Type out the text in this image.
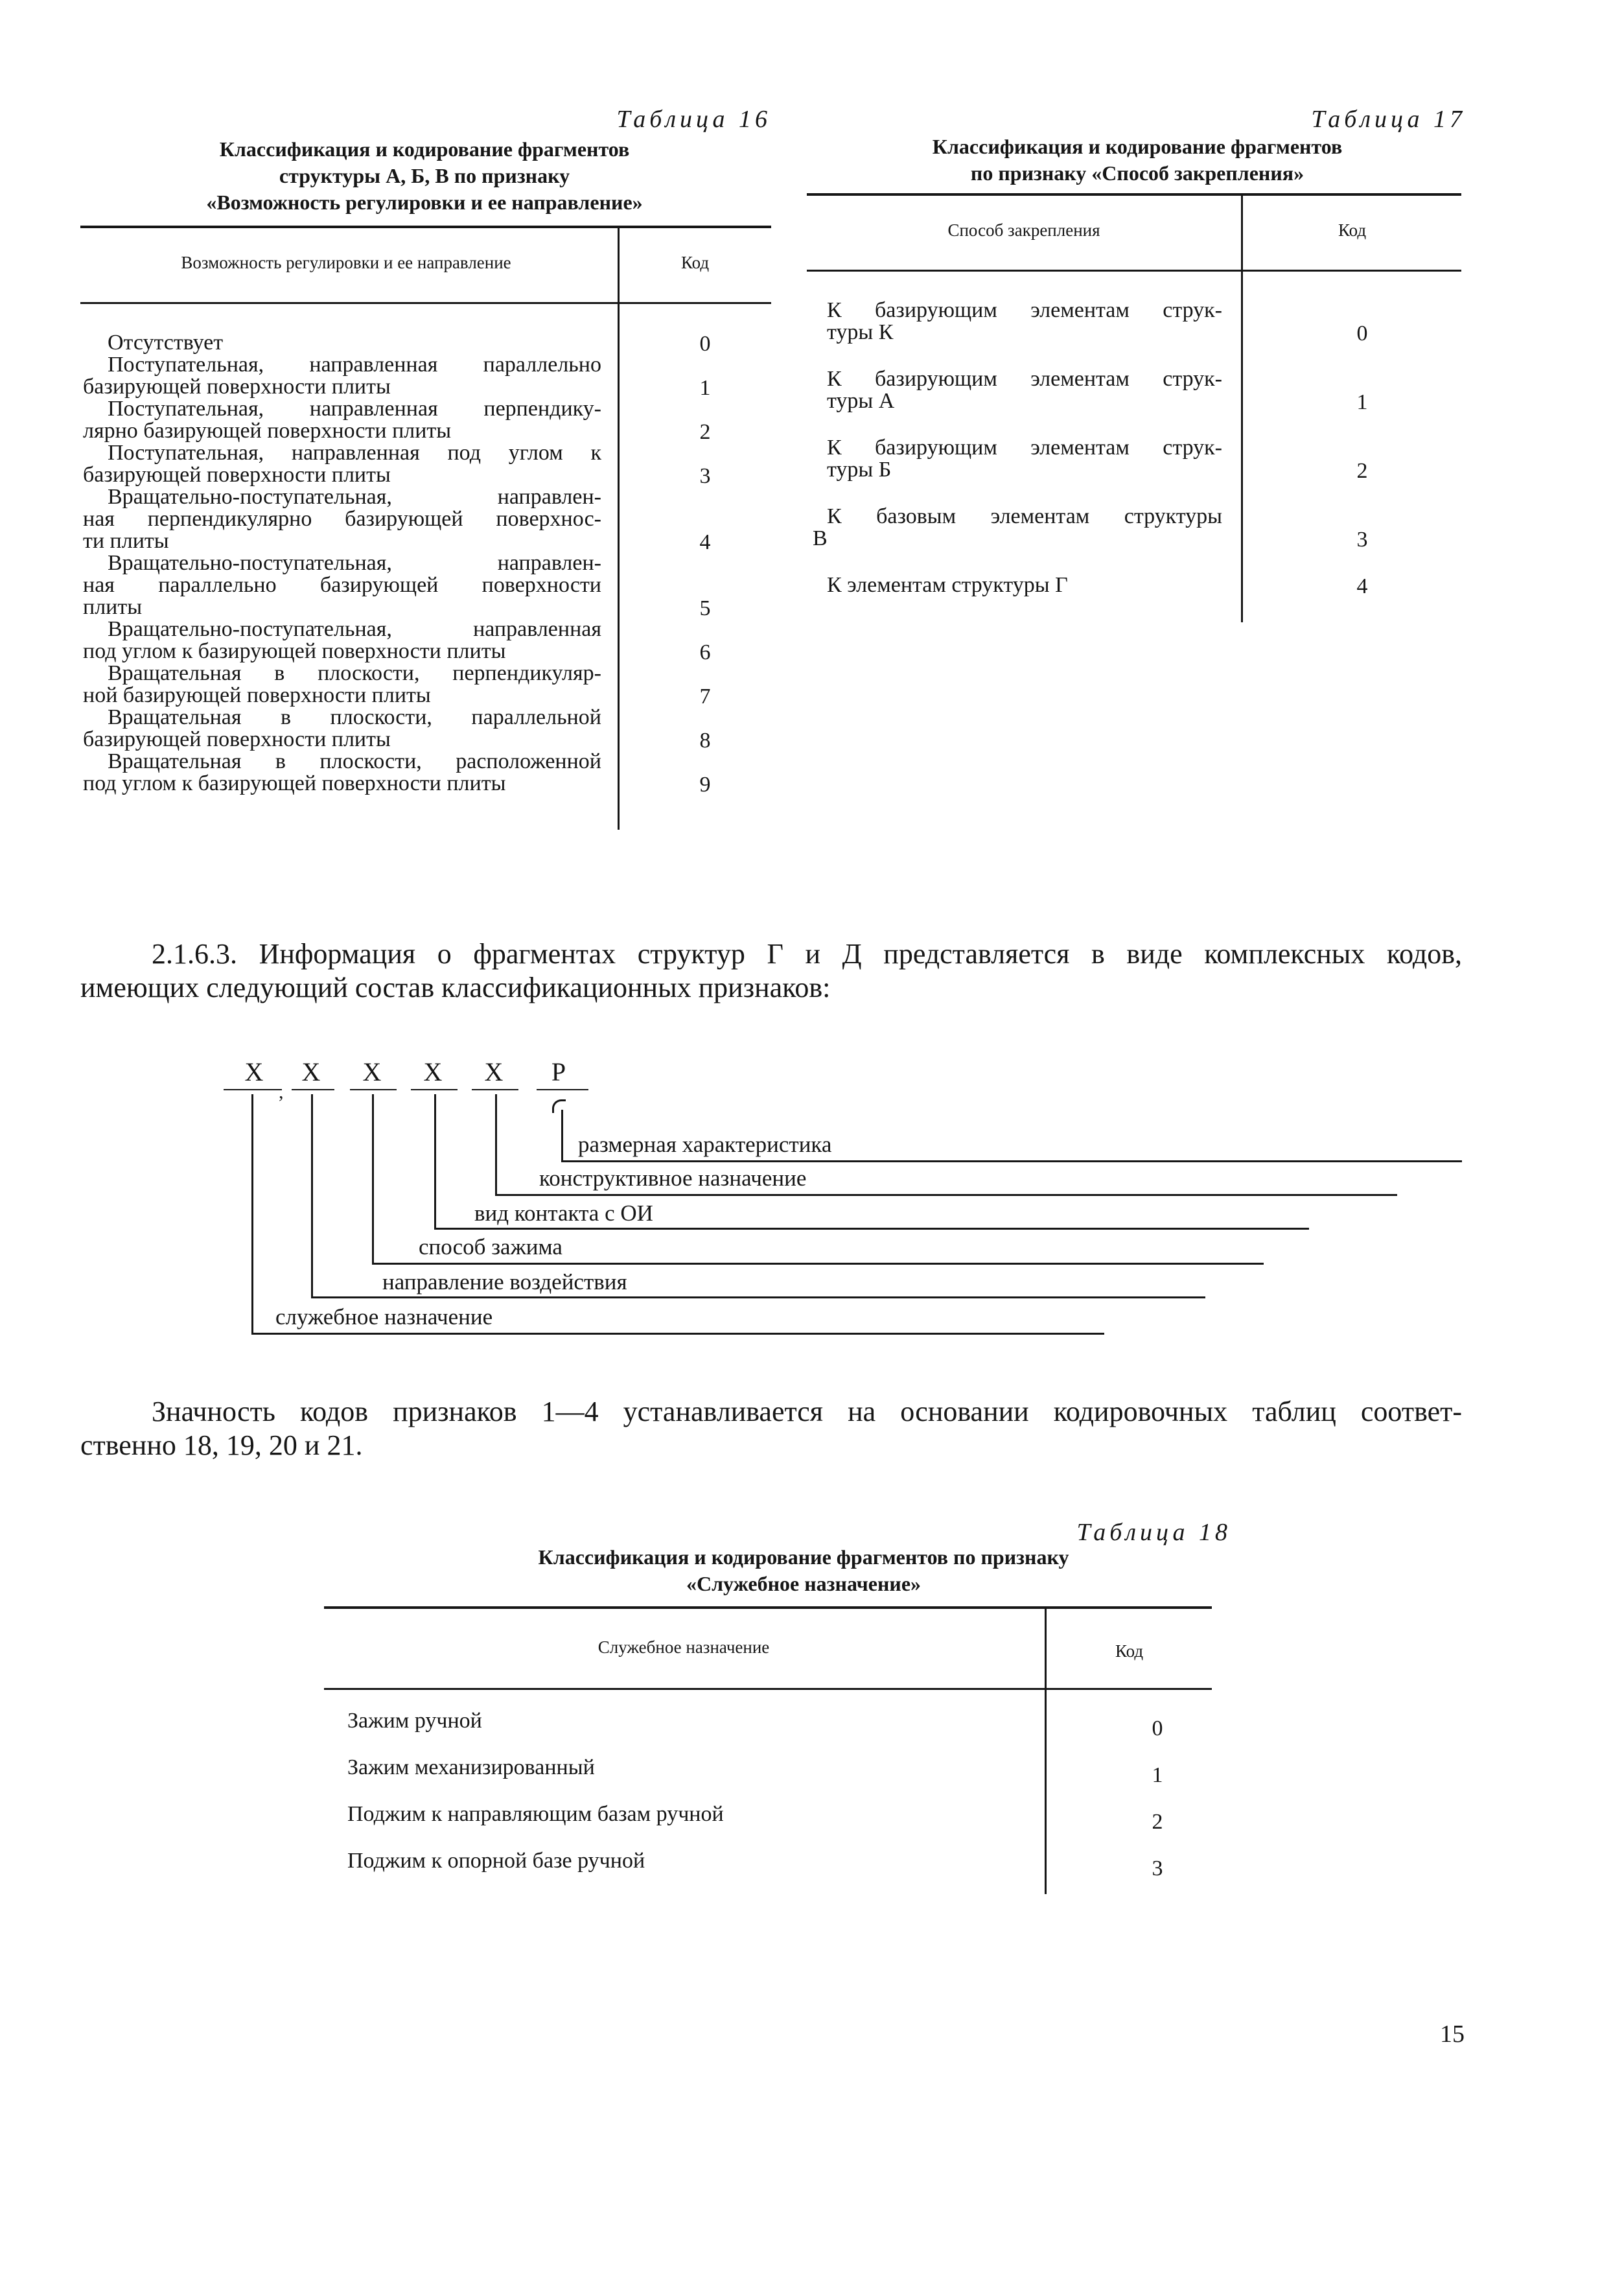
Таблица 16
Классификация и кодирование фрагментов
структуры А, Б, В по признаку
«Возможность регулировки и ее направление»
Возможность регулировки и ее направление	Код
Отсутствует	0
Поступательная, направленная параллельно
базирующей поверхности плиты	1
Поступательная, направленная перпендику-
лярно базирующей поверхности плиты	2
Поступательная, направленная под углом к
базирующей поверхности плиты	3
Вращательно-поступательная, направлен-
ная перпендикулярно базирующей поверхнос-
ти плиты	4
Вращательно-поступательная, направлен-
ная параллельно базирующей поверхности
плиты	5
Вращательно-поступательная, направленная
под углом к базирующей поверхности плиты	6
Вращательная в плоскости, перпендикуляр-
ной базирующей поверхности плиты	7
Вращательная в плоскости, параллельной
базирующей поверхности плиты	8
Вращательная в плоскости, расположенной
под углом к базирующей поверхности плиты	9
Таблица 17
Классификация и кодирование фрагментов
по признаку «Способ закрепления»
Способ закрепления	Код
К базирующим элементам струк-
туры К	0
К базирующим элементам струк-
туры А	1
К базирующим элементам струк-
туры Б	2
К базовым элементам структуры
В	3
К элементам структуры Г	4
2.1.6.3. Информация о фрагментах структур Г и Д представляется в виде комплексных кодов,
имеющих следующий состав классификационных признаков:
Х Х Х Х Х Р
,
размерная характеристика
конструктивное назначение
вид контакта с ОИ
способ зажима
направление воздействия
служебное назначение
Значность кодов признаков 1—4 устанавливается на основании кодировочных таблиц соответ-
ственно 18, 19, 20 и 21.
Таблица 18
Классификация и кодирование фрагментов по признаку
«Служебное назначение»
Служебное назначение	Код
Зажим ручной	0
Зажим механизированный	1
Поджим к направляющим базам ручной	2
Поджим к опорной базе ручной	3
15
